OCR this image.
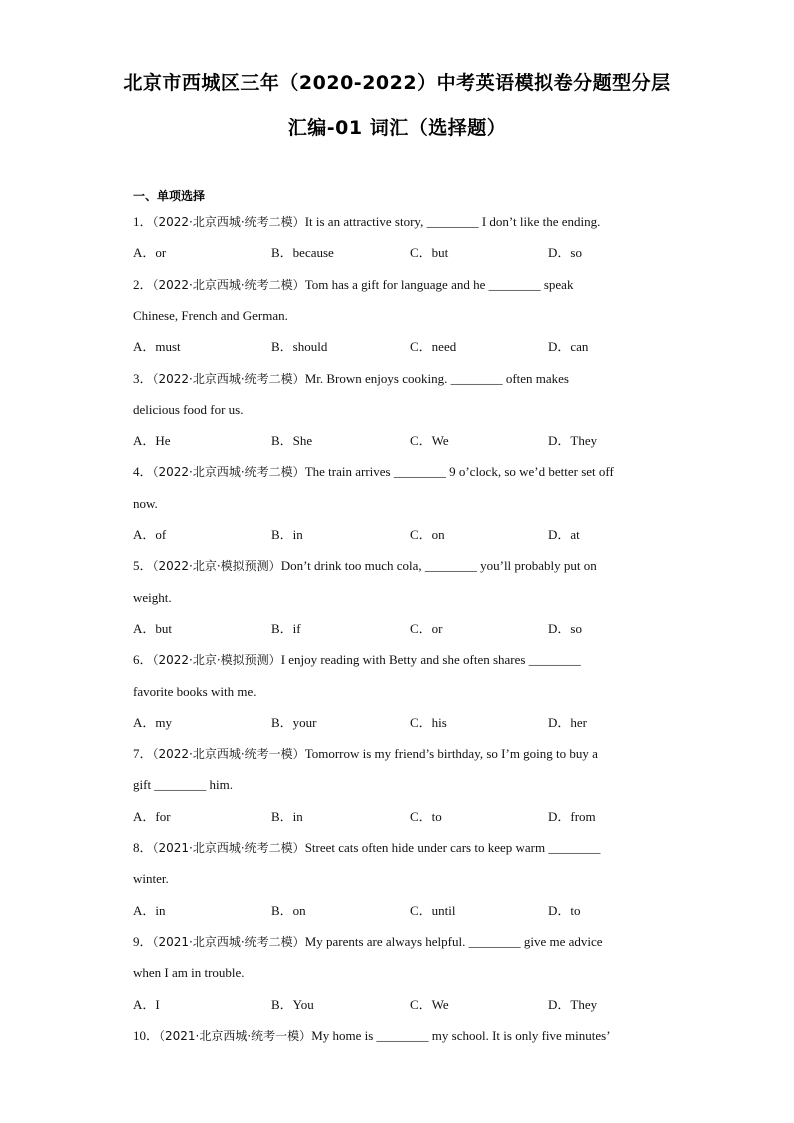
北京市西城区三年（2020-2022）中考英语模拟卷分题型分层
汇编-01 词汇（选择题）
一、单项选择
1．（2022·北京西城·统考二模）It is an attractive story, ________ I don’t like the ending.
A．or	B．because	C．but	D．so
2．（2022·北京西城·统考二模）Tom has a gift for language and he ________ speak
Chinese, French and German.
A．must	B．should	C．need	D．can
3．（2022·北京西城·统考二模）Mr. Brown enjoys cooking. ________ often makes
delicious food for us.
A．He	B．She	C．We	D．They
4．（2022·北京西城·统考二模）The train arrives ________ 9 o’clock, so we’d better set off
now.
A．of	B．in	C．on	D．at
5．（2022·北京·模拟预测）Don’t drink too much cola, ________ you’ll probably put on
weight.
A．but	B．if	C．or	D．so
6．（2022·北京·模拟预测）I enjoy reading with Betty and she often shares ________
favorite books with me.
A．my	B．your	C．his	D．her
7．（2022·北京西城·统考一模）Tomorrow is my friend’s birthday, so I’m going to buy a
gift ________ him.
A．for	B．in	C．to	D．from
8．（2021·北京西城·统考二模）Street cats often hide under cars to keep warm ________
winter.
A．in	B．on	C．until	D．to
9．（2021·北京西城·统考二模）My parents are always helpful. ________ give me advice
when I am in trouble.
A．I	B．You	C．We	D．They
10．（2021·北京西城·统考一模）My home is ________ my school. It is only five minutes’
